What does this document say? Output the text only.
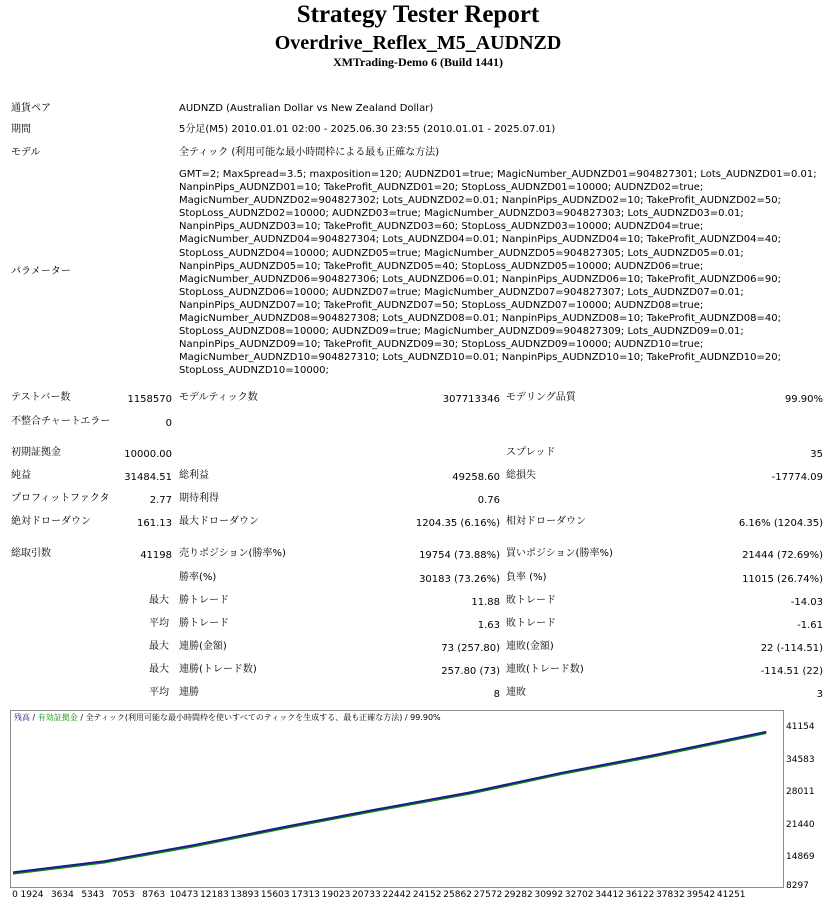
Strategy Tester Report
Overdrive_Reflex_M5_AUDNZD
XMTrading-Demo 6 (Build 1441)
通貨ペア	AUDNZD (Australian Dollar vs New Zealand Dollar)
期間	5分足(M5) 2010.01.01 02:00 - 2025.06.30 23:55 (2010.01.01 - 2025.07.01)
モデル	全ティック (利用可能な最小時間枠による最も正確な方法)
パラメーター
GMT=2; MaxSpread=3.5; maxposition=120; AUDNZD01=true; MagicNumber_AUDNZD01=904827301; Lots_AUDNZD01=0.01;
NanpinPips_AUDNZD01=10; TakeProfit_AUDNZD01=20; StopLoss_AUDNZD01=10000; AUDNZD02=true;
MagicNumber_AUDNZD02=904827302; Lots_AUDNZD02=0.01; NanpinPips_AUDNZD02=10; TakeProfit_AUDNZD02=50;
StopLoss_AUDNZD02=10000; AUDNZD03=true; MagicNumber_AUDNZD03=904827303; Lots_AUDNZD03=0.01;
NanpinPips_AUDNZD03=10; TakeProfit_AUDNZD03=60; StopLoss_AUDNZD03=10000; AUDNZD04=true;
MagicNumber_AUDNZD04=904827304; Lots_AUDNZD04=0.01; NanpinPips_AUDNZD04=10; TakeProfit_AUDNZD04=40;
StopLoss_AUDNZD04=10000; AUDNZD05=true; MagicNumber_AUDNZD05=904827305; Lots_AUDNZD05=0.01;
NanpinPips_AUDNZD05=10; TakeProfit_AUDNZD05=40; StopLoss_AUDNZD05=10000; AUDNZD06=true;
MagicNumber_AUDNZD06=904827306; Lots_AUDNZD06=0.01; NanpinPips_AUDNZD06=10; TakeProfit_AUDNZD06=90;
StopLoss_AUDNZD06=10000; AUDNZD07=true; MagicNumber_AUDNZD07=904827307; Lots_AUDNZD07=0.01;
NanpinPips_AUDNZD07=10; TakeProfit_AUDNZD07=50; StopLoss_AUDNZD07=10000; AUDNZD08=true;
MagicNumber_AUDNZD08=904827308; Lots_AUDNZD08=0.01; NanpinPips_AUDNZD08=10; TakeProfit_AUDNZD08=40;
StopLoss_AUDNZD08=10000; AUDNZD09=true; MagicNumber_AUDNZD09=904827309; Lots_AUDNZD09=0.01;
NanpinPips_AUDNZD09=10; TakeProfit_AUDNZD09=30; StopLoss_AUDNZD09=10000; AUDNZD10=true;
MagicNumber_AUDNZD10=904827310; Lots_AUDNZD10=0.01; NanpinPips_AUDNZD10=10; TakeProfit_AUDNZD10=20;
StopLoss_AUDNZD10=10000;
テストバー数	1158570 モデルティック数	307713346 モデリング品質	99.90%
不整合チャートエラー	0
初期証拠金	10000.00	スプレッド	35
純益	31484.51 総利益	49258.60 総損失	-17774.09
プロフィットファクタ	2.77 期待利得	0.76
絶対ドローダウン	161.13 最大ドローダウン	1204.35 (6.16%) 相対ドローダウン	6.16% (1204.35)
総取引数	41198 売りポジション(勝率%)	19754 (73.88%) 買いポジション(勝率%)	21444 (72.69%)
勝率(%)	30183 (73.26%) 負率 (%)	11015 (26.74%)
最大 勝トレード	11.88 敗トレード	-14.03
平均 勝トレード	1.63 敗トレード	-1.61
最大 連勝(金額)	73 (257.80) 連敗(金額)	22 (-114.51)
最大 連勝(トレード数)	257.80 (73) 連敗(トレード数)	-114.51 (22)
平均 連勝	8 連敗	3
残高 / 有効証拠金 / 全ティック(利用可能な最小時間枠を使いすべてのティックを生成する、最も正確な方法) / 99.90%
41154
34583
28011
21440
14869
8297
0 1924 3634 5343 7053 8763 10473 12183 13893 15603 17313 19023 20733 22442 24152 25862 27572 29282 30992 32702 34412 36122 37832 39542 41251
